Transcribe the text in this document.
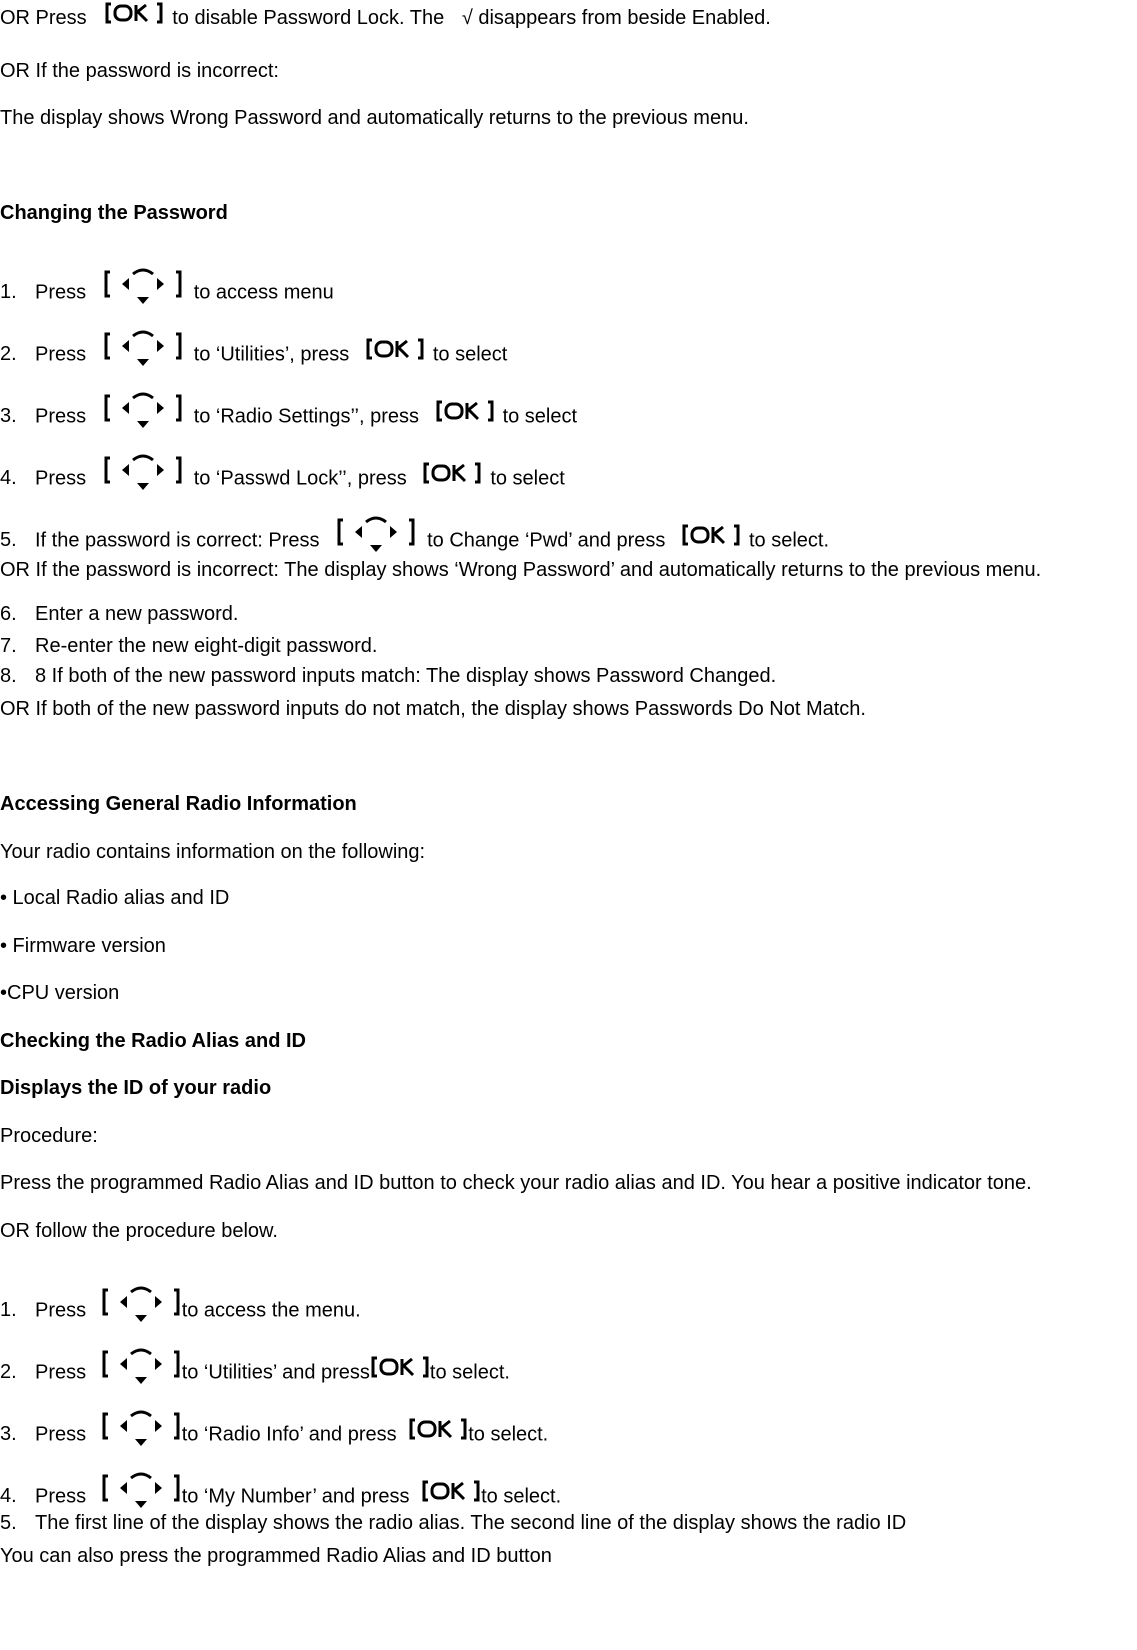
OR Press	to disable Password Lock. The √ disappears from beside Enabled.
OR If the password is incorrect:
The display shows Wrong Password and automatically returns to the previous menu.
Changing the Password
1. Press	to access menu
2. Press	to ‘Utilities’, press	to select
3. Press	to ‘Radio Settings’’, press	to select
4. Press	to ‘Passwd Lock’’, press	to select
5. If the password is correct: Press	to Change ‘Pwd’ and press	to select.
OR If the password is incorrect: The display shows ‘Wrong Password’ and automatically returns to the previous menu.
6. Enter a new password.
7. Re-enter the new eight-digit password.
8. 8 If both of the new password inputs match: The display shows Password Changed.
OR If both of the new password inputs do not match, the display shows Passwords Do Not Match.
Accessing General Radio Information
Your radio contains information on the following:
• Local Radio alias and ID
• Firmware version
•CPU version
Checking the Radio Alias and ID
Displays the ID of your radio
Procedure:
Press the programmed Radio Alias and ID button to check your radio alias and ID. You hear a positive indicator tone.
OR follow the procedure below.
1. Press	to access the menu.
2. Press	to ‘Utilities’ and press	to select.
3. Press	to ‘Radio Info’ and press	to select.
4. Press	to ‘My Number’ and press	to select.
5. The first line of the display shows the radio alias. The second line of the display shows the radio ID
You can also press the programmed Radio Alias and ID button
